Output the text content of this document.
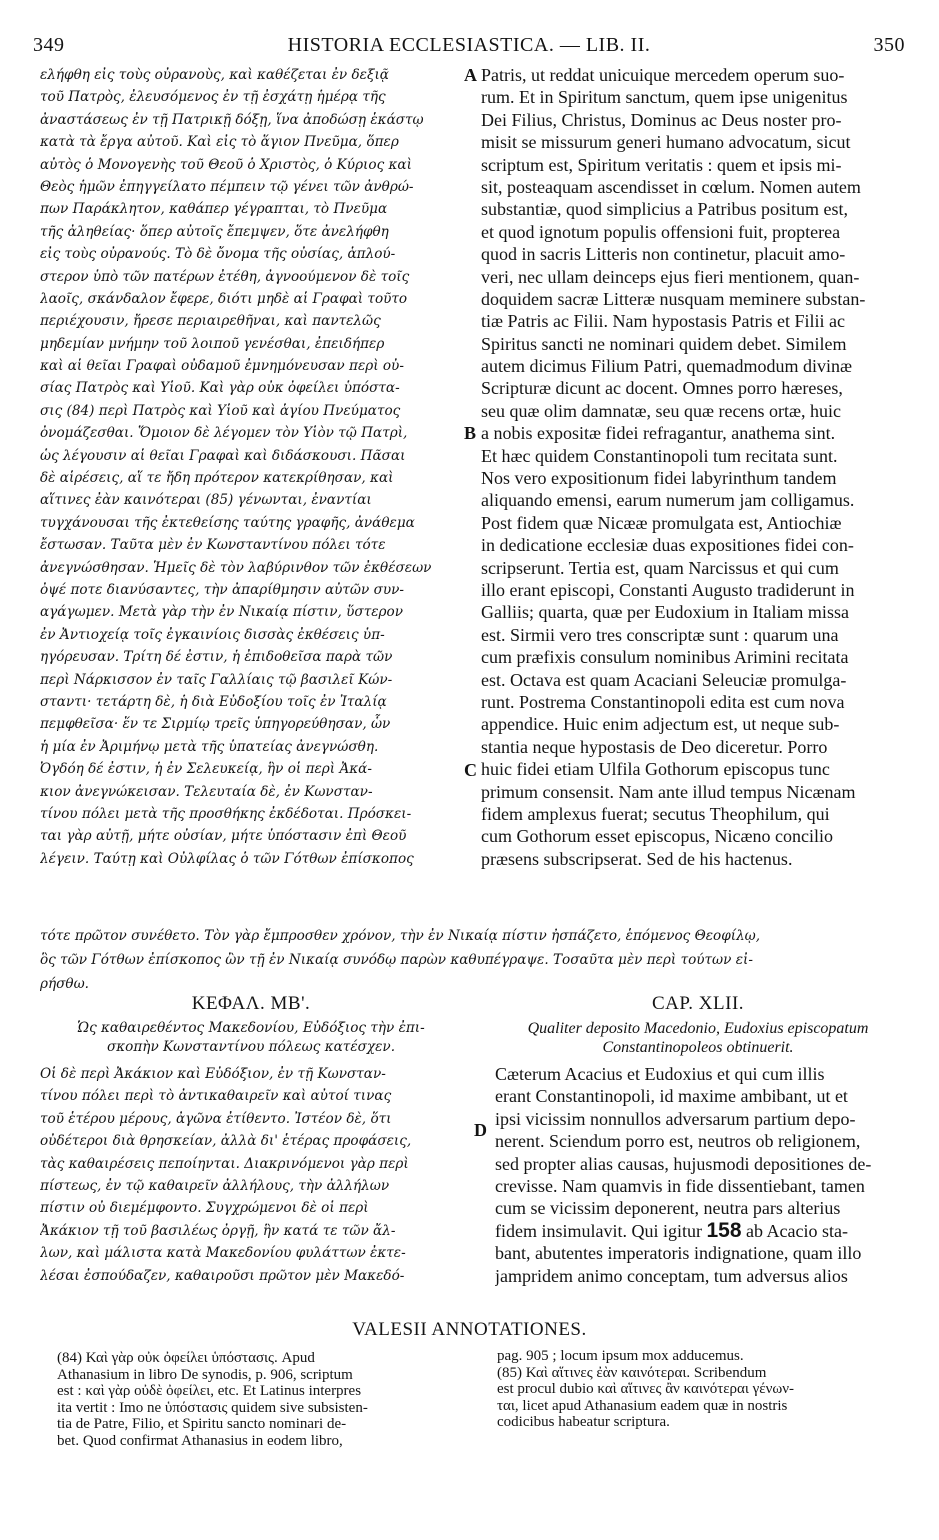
349	HISTORIA ECCLESIASTICA. — LIB. II.	350
A
B
C
D
ελήφθη εἰς τοὺς οὐρανοὺς, καὶ καθέζεται ἐν δεξιᾷ
τοῦ Πατρὸς, ἐλευσόμενος ἐν τῇ ἐσχάτῃ ἡμέρᾳ τῆς
ἀναστάσεως ἐν τῇ Πατρικῇ δόξῃ, ἵνα ἀποδώσῃ ἑκάστῳ
κατὰ τὰ ἔργα αὐτοῦ. Καὶ εἰς τὸ ἅγιον Πνεῦμα, ὅπερ
αὐτὸς ὁ Μονογενὴς τοῦ Θεοῦ ὁ Χριστὸς, ὁ Κύριος καὶ
Θεὸς ἡμῶν ἐπηγγείλατο πέμπειν τῷ γένει τῶν ἀνθρώ-
πων Παράκλητον, καθάπερ γέγραπται, τὸ Πνεῦμα
τῆς ἀληθείας· ὅπερ αὐτοῖς ἔπεμψεν, ὅτε ἀνελήφθη
εἰς τοὺς οὐρανούς. Τὸ δὲ ὄνομα τῆς οὐσίας, ἁπλού-
στερον ὑπὸ τῶν πατέρων ἐτέθη, ἀγνοούμενον δὲ τοῖς
λαοῖς, σκάνδαλον ἔφερε, διότι μηδὲ αἱ Γραφαὶ τοῦτο
περιέχουσιν, ἤρεσε περιαιρεθῆναι, καὶ παντελῶς
μηδεμίαν μνήμην τοῦ λοιποῦ γενέσθαι, ἐπειδήπερ
καὶ αἱ θεῖαι Γραφαὶ οὐδαμοῦ ἐμνημόνευσαν περὶ οὐ-
σίας Πατρὸς καὶ Υἱοῦ. Καὶ γὰρ οὐκ ὀφείλει ὑπόστα-
σις (84) περὶ Πατρὸς καὶ Υἱοῦ καὶ ἁγίου Πνεύματος
ὀνομάζεσθαι. Ὅμοιον δὲ λέγομεν τὸν Υἱὸν τῷ Πατρὶ,
ὡς λέγουσιν αἱ θεῖαι Γραφαὶ καὶ διδάσκουσι. Πᾶσαι
δὲ αἱρέσεις, αἵ τε ἤδη πρότερον κατεκρίθησαν, καὶ
αἵτινες ἐὰν καινότεραι (85) γένωνται, ἐναντίαι
τυγχάνουσαι τῆς ἐκτεθείσης ταύτης γραφῆς, ἀνάθεμα
ἔστωσαν. Ταῦτα μὲν ἐν Κωνσταντίνου πόλει τότε
ἀνεγνώσθησαν. Ἡμεῖς δὲ τὸν λαβύρινθον τῶν ἐκθέσεων
ὀψέ ποτε διανύσαντες, τὴν ἀπαρίθμησιν αὐτῶν συν-
αγάγωμεν. Μετὰ γὰρ τὴν ἐν Νικαίᾳ πίστιν, ὕστερον
ἐν Ἀντιοχείᾳ τοῖς ἐγκαινίοις δισσὰς ἐκθέσεις ὑπ-
ηγόρευσαν. Τρίτη δέ ἐστιν, ἡ ἐπιδοθεῖσα παρὰ τῶν
περὶ Νάρκισσον ἐν ταῖς Γαλλίαις τῷ βασιλεῖ Κών-
σταντι· τετάρτη δὲ, ἡ διὰ Εὐδοξίου τοῖς ἐν Ἰταλίᾳ
πεμφθεῖσα· ἕν τε Σιρμίῳ τρεῖς ὑπηγορεύθησαν, ὧν
ἡ μία ἐν Ἀριμήνῳ μετὰ τῆς ὑπατείας ἀνεγνώσθη.
Ὀγδόη δέ ἐστιν, ἡ ἐν Σελευκείᾳ, ἣν οἱ περὶ Ἀκά-
κιον ἀνεγνώκεισαν. Τελευταία δὲ, ἐν Κωνσταν-
τίνου πόλει μετὰ τῆς προσθήκης ἐκδέδοται. Πρόσκει-
ται γὰρ αὐτῇ, μήτε οὐσίαν, μήτε ὑπόστασιν ἐπὶ Θεοῦ
λέγειν. Ταύτῃ καὶ Οὐλφίλας ὁ τῶν Γότθων ἐπίσκοπος
Patris, ut reddat unicuique mercedem operum suo-
rum. Et in Spiritum sanctum, quem ipse unigenitus
Dei Filius, Christus, Dominus ac Deus noster pro-
misit se missurum generi humano advocatum, sicut
scriptum est, Spiritum veritatis : quem et ipsis mi-
sit, posteaquam ascendisset in cœlum. Nomen autem
substantiæ, quod simplicius a Patribus positum est,
et quod ignotum populis offensioni fuit, propterea
quod in sacris Litteris non continetur, placuit amo-
veri, nec ullam deinceps ejus fieri mentionem, quan-
doquidem sacræ Litteræ nusquam meminere substan-
tiæ Patris ac Filii. Nam hypostasis Patris et Filii ac
Spiritus sancti ne nominari quidem debet. Similem
autem dicimus Filium Patri, quemadmodum divinæ
Scripturæ dicunt ac docent. Omnes porro hæreses,
seu quæ olim damnatæ, seu quæ recens ortæ, huic
a nobis expositæ fidei refragantur, anathema sint.
Et hæc quidem Constantinopoli tum recitata sunt.
Nos vero expositionum fidei labyrinthum tandem
aliquando emensi, earum numerum jam colligamus.
Post fidem quæ Nicææ promulgata est, Antiochiæ
in dedicatione ecclesiæ duas expositiones fidei con-
scripserunt. Tertia est, quam Narcissus et qui cum
illo erant episcopi, Constanti Augusto tradiderunt in
Galliis; quarta, quæ per Eudoxium in Italiam missa
est. Sirmii vero tres conscriptæ sunt : quarum una
cum præfixis consulum nominibus Arimini recitata
est. Octava est quam Acaciani Seleuciæ promulga-
runt. Postrema Constantinopoli edita est cum nova
appendice. Huic enim adjectum est, ut neque sub-
stantia neque hypostasis de Deo diceretur. Porro
huic fidei etiam Ulfila Gothorum episcopus tunc
primum consensit. Nam ante illud tempus Nicænam
fidem amplexus fuerat; secutus Theophilum, qui
cum Gothorum esset episcopus, Nicæno concilio
præsens subscripserat. Sed de his hactenus.
τότε πρῶτον συνέθετο. Τὸν γὰρ ἔμπροσθεν χρόνον, τὴν ἐν Νικαίᾳ πίστιν ἠσπάζετο, ἑπόμενος Θεοφίλῳ,
ὃς τῶν Γότθων ἐπίσκοπος ὢν τῇ ἐν Νικαίᾳ συνόδῳ παρὼν καθυπέγραψε. Τοσαῦτα μὲν περὶ τούτων εἰ-
ρήσθω.
ΚΕΦΑΛ. ΜΒ'.
Ὡς καθαιρεθέντος Μακεδονίου, Εὐδόξιος τὴν ἐπι-
σκοπὴν Κωνσταντίνου πόλεως κατέσχεν.
CAP. XLII.
Qualiter deposito Macedonio, Eudoxius episcopatum
Constantinopoleos obtinuerit.
Οἱ δὲ περὶ Ἀκάκιον καὶ Εὐδόξιον, ἐν τῇ Κωνσταν-
τίνου πόλει περὶ τὸ ἀντικαθαιρεῖν καὶ αὐτοί τινας
τοῦ ἑτέρου μέρους, ἀγῶνα ἐτίθεντο. Ἰστέον δὲ, ὅτι
οὐδέτεροι διὰ θρησκείαν, ἀλλὰ δι' ἑτέρας προφάσεις,
τὰς καθαιρέσεις πεποίηνται. Διακρινόμενοι γὰρ περὶ
πίστεως, ἐν τῷ καθαιρεῖν ἀλλήλους, τὴν ἀλλήλων
πίστιν οὐ διεμέμφοντο. Συγχρώμενοι δὲ οἱ περὶ
Ἀκάκιον τῇ τοῦ βασιλέως ὀργῇ, ἣν κατά τε τῶν ἄλ-
λων, καὶ μάλιστα κατὰ Μακεδονίου φυλάττων ἐκτε-
λέσαι ἐσπούδαζεν, καθαιροῦσι πρῶτον μὲν Μακεδό-
Cæterum Acacius et Eudoxius et qui cum illis
erant Constantinopoli, id maxime ambibant, ut et
ipsi vicissim nonnullos adversarum partium depo-
nerent. Sciendum porro est, neutros ob religionem,
sed propter alias causas, hujusmodi depositiones de-
crevisse. Nam quamvis in fide dissentiebant, tamen
cum se vicissim deponerent, neutra pars alterius
fidem insimulavit. Qui igitur 158 ab Acacio sta-
bant, abutentes imperatoris indignatione, quam illo
jampridem animo conceptam, tum adversus alios
VALESII ANNOTATIONES.
(84) Καὶ γὰρ οὐκ ὀφείλει ὑπόστασις. Apud
Athanasium in libro De synodis, p. 906, scriptum
est : καὶ γὰρ οὐδὲ ὀφείλει, etc. Et Latinus interpres
ita vertit : Imo ne ὑπόστασις quidem sive subsisten-
tia de Patre, Filio, et Spiritu sancto nominari de-
bet. Quod confirmat Athanasius in eodem libro,
pag. 905 ; locum ipsum mox adducemus.
(85) Καὶ αἵτινες ἐὰν καινότεραι. Scribendum
est procul dubio καὶ αἵτινες ἂν καινότεραι γένων-
ται, licet apud Athanasium eadem quæ in nostris
codicibus habeatur scriptura.
